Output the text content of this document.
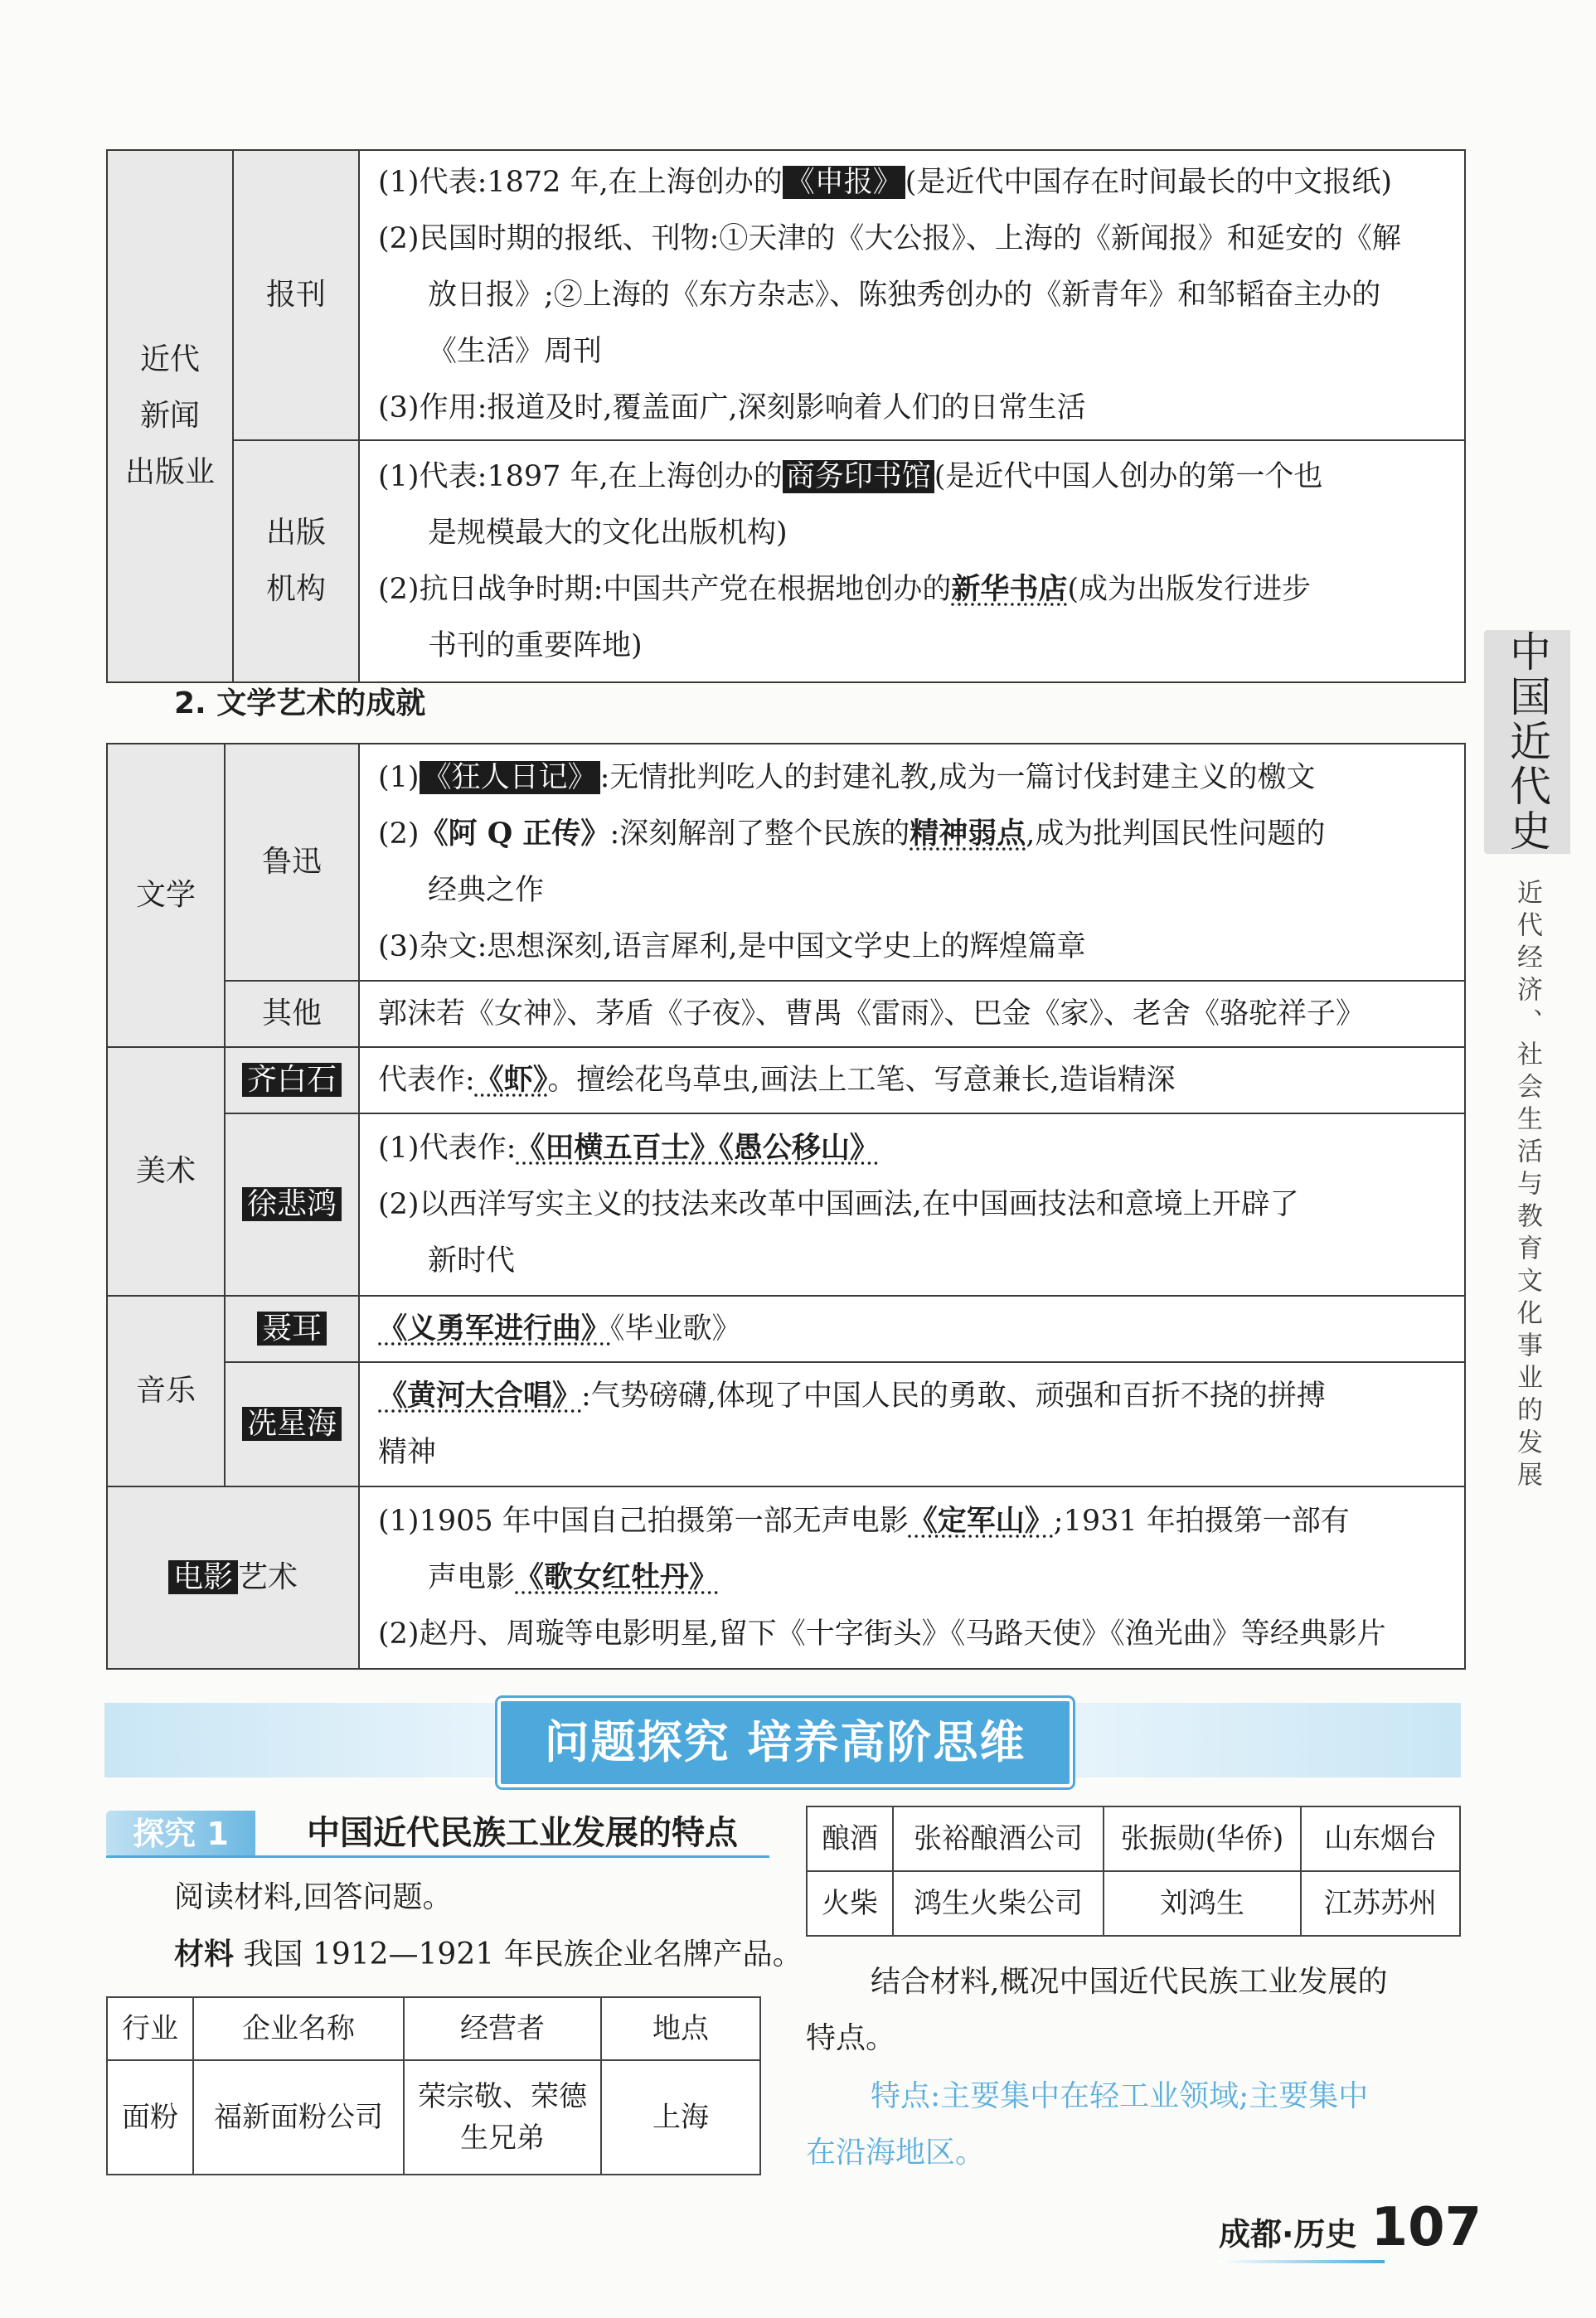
近代
新闻
出版业	报刊	(1)代表:1872 年,在上海创办的 《申报》 (是近代中国存在时间最长的中文报纸)
(2)民国时期的报纸、刊物:①天津的《大公报》、上海的《新闻报》和延安的《解
放日报》;②上海的《东方杂志》、陈独秀创办的《新青年》和邹韬奋主办的
《生活》周刊
(3)作用:报道及时,覆盖面广,深刻影响着人们的日常生活

	出版
机构	(1)代表:1897 年,在上海创办的 商务印书馆 (是近代中国人创办的第一个也
是规模最大的文化出版机构)
(2)抗日战争时期:中国共产党在根据地创办的新华书店(成为出版发行进步
书刊的重要阵地)
2. 文学艺术的成就
文学	鲁迅	(1) 《狂人日记》 :无情批判吃人的封建礼教,成为一篇讨伐封建主义的檄文
(2)《阿 Q 正传》:深刻解剖了整个民族的精神弱点,成为批判国民性问题的
经典之作
(3)杂文:思想深刻,语言犀利,是中国文学史上的辉煌篇章

	其他	郭沫若《女神》、茅盾《子夜》、曹禺《雷雨》、巴金《家》、老舍《骆驼祥子》

美术	齐白石	代表作:《虾》。擅绘花鸟草虫,画法上工笔、写意兼长,造诣精深

	徐悲鸿	(1)代表作:《田横五百士》《愚公移山》
(2)以西洋写实主义的技法来改革中国画法,在中国画技法和意境上开辟了
新时代

音乐	聂耳	《义勇军进行曲》《毕业歌》

	冼星海	《黄河大合唱》:气势磅礴,体现了中国人民的勇敢、顽强和百折不挠的拼搏
精神

电影 艺术		(1)1905 年中国自己拍摄第一部无声电影《定军山》;1931 年拍摄第一部有
声电影《歌女红牡丹》
(2)赵丹、周璇等电影明星,留下《十字街头》《马路天使》《渔光曲》等经典影片
中国近代史
近代经济、社会生活与教育文化事业的发展
问题探究 培养高阶思维
探究 1	中国近代民族工业发展的特点
阅读材料,回答问题。
材料 我国 1912—1921 年民族企业名牌产品。
行业	企业名称	经营者	地点
面粉	福新面粉公司	荣宗敬、荣德生兄弟	上海
酿酒	张裕酿酒公司	张振勋(华侨)	山东烟台
火柴	鸿生火柴公司	刘鸿生	江苏苏州
结合材料,概况中国近代民族工业发展的
特点。
特点:主要集中在轻工业领域;主要集中
在沿海地区。
成都·历史 107
